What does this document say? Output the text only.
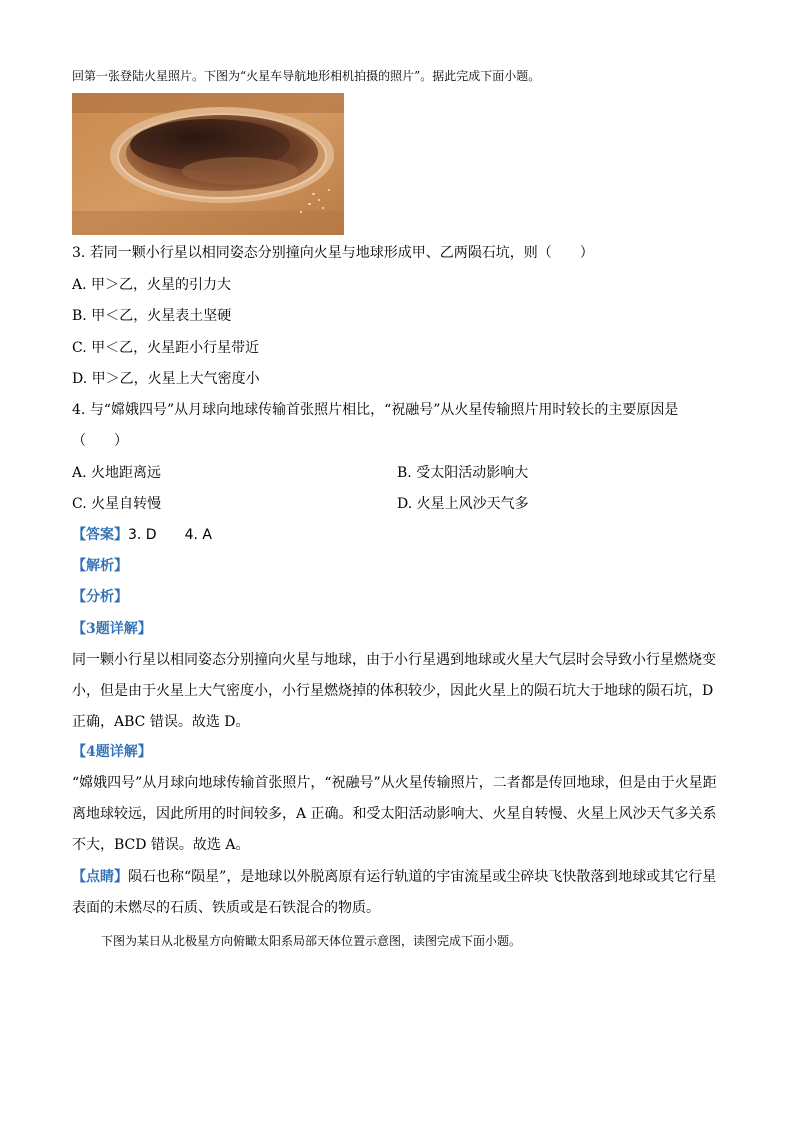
回第一张登陆火星照片。下图为“火星车导航地形相机拍摄的照片”。据此完成下面小题。
3. 若同一颗小行星以相同姿态分别撞向火星与地球形成甲、乙两陨石坑，则（　　）
A. 甲＞乙，火星的引力大
B. 甲＜乙，火星表土坚硬
C. 甲＜乙，火星距小行星带近
D. 甲＞乙，火星上大气密度小
4. 与“嫦娥四号”从月球向地球传输首张照片相比，“祝融号”从火星传输照片用时较长的主要原因是
（　　）
A. 火地距离远	B. 受太阳活动影响大
C. 火星自转慢	D. 火星上风沙天气多
【答案】3. D　　4. A
【解析】
【分析】
【3题详解】
同一颗小行星以相同姿态分别撞向火星与地球，由于小行星遇到地球或火星大气层时会导致小行星燃烧变
小，但是由于火星上大气密度小，小行星燃烧掉的体积较少，因此火星上的陨石坑大于地球的陨石坑，D
正确，ABC 错误。故选 D。
【4题详解】
“嫦娥四号”从月球向地球传输首张照片，“祝融号”从火星传输照片，二者都是传回地球，但是由于火星距
离地球较远，因此所用的时间较多，A 正确。和受太阳活动影响大、火星自转慢、火星上风沙天气多关系
不大，BCD 错误。故选 A。
【点睛】陨石也称“陨星”，是地球以外脱离原有运行轨道的宇宙流星或尘碎块飞快散落到地球或其它行星
表面的未燃尽的石质、铁质或是石铁混合的物质。
下图为某日从北极星方向俯瞰太阳系局部天体位置示意图，读图完成下面小题。
